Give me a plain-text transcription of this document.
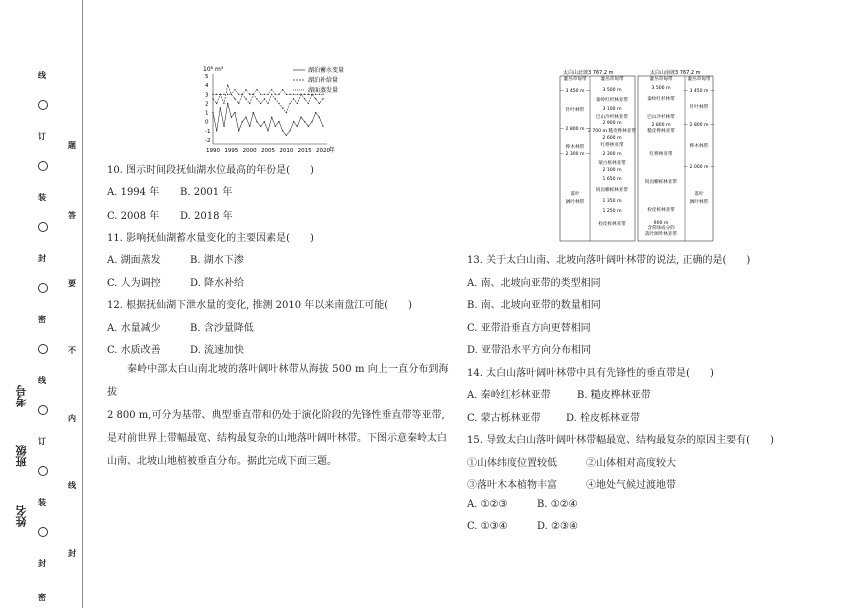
线
订
装
封
密
线
订
装
封
密
题
答
要
不
内
线
封
考号
班级
姓名
10⁸ m³
5
4
3
2
1
0
-1
-2
1990 1995 2000 2005 2010 2015 2020 年
湖泊蓄水变量
湖泊补给量
湖面蒸发量
10. 图示时间段抚仙湖水位最高的年份是(　　)
A. 1994 年 B. 2001 年
C. 2008 年 D. 2018 年
11. 影响抚仙湖蓄水量变化的主要因素是(　　)
A. 湖面蒸发	B. 湖水下渗
C. 人为调控	D. 降水补给
12. 根据抚仙湖下泄水量的变化, 推测 2010 年以来南盘江可能(　　)
A. 水量减少	B. 含沙量降低
C. 水质改善	D. 流速加快
秦岭中部太白山南北坡的落叶阔叶林带从海拔 500 m 向上一直分布到海拔
2 800 m,可分为基带、典型垂直带和仍处于演化阶段的先锋性垂直带等亚带,
是对前世界上带幅最宽、结构最复杂的山地落叶阔叶林带。下图示意秦岭太白
山南、北坡山地植被垂直分布。据此完成下面三题。
太白山北坡3 767.2 m	太白山南坡3 767.2 m
灌丛草甸带
— 3 450 m —
针叶林带
— 2 800 m —
桦木林带
— 2 300 m —
落叶
阔叶林带
灌丛草甸带
3 500 m
秦岭红杉林亚带
3 100 m
巴山冷杉林亚带
2 900 m
2 700 m 糙皮桦林亚带
2 600 m
红桦林亚带
2 300 m
蒙古栎林亚带
2 100 m
1 650 m
锐齿槲栎林亚带
1 350 m
1 250 m
栓皮栎林亚带
灌丛草甸带
3 500 m
秦岭红杉林带
巴山冷杉林带
2 800 m
糙皮桦林亚带
红桦林亚带
锐齿槲栎林亚带
栓皮栎林亚带
900 m
含常绿成分的
落叶阔叶林亚带
灌丛草甸带
— 3 450 m —
针叶林带
— 2 800 m —
桦木林带
— 2 000 m —
落叶
阔叶林带
13. 关于太白山南、北坡向落叶阔叶林带的说法, 正确的是(　　)
A. 南、北坡向亚带的类型相同
B. 南、北坡向亚带的数量相同
C. 亚带沿垂直方向更替相同
D. 亚带沿水平方向分布相同
14. 太白山落叶阔叶林带中具有先锋性的垂直带是(　　)
A. 秦岭红杉林亚带	B. 糙皮桦林亚带
C. 蒙古栎林亚带	D. 栓皮栎林亚带
15. 导致太白山落叶阔叶林带幅最宽、结构最复杂的原因主要有(　　)
①山体纬度位置较低	②山体相对高度较大
③落叶木本植物丰富	④地处气候过渡地带
A. ①②③	B. ①②④
C. ①③④	D. ②③④
